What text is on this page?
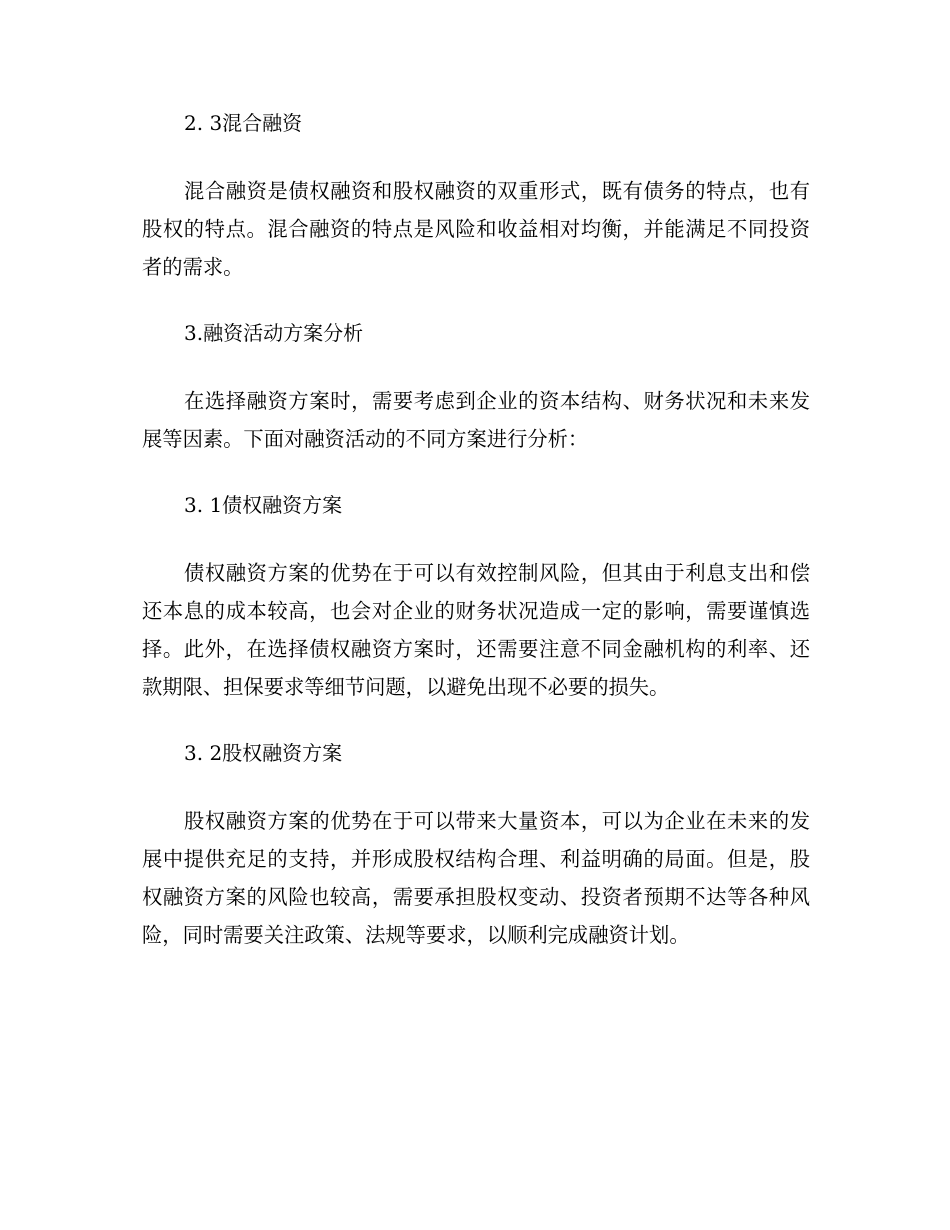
2. 3混合融资

混合融资是债权融资和股权融资的双重形式，既有债务的特点，也有股权的特点。混合融资的特点是风险和收益相对均衡，并能满足不同投资者的需求。

3.融资活动方案分析

在选择融资方案时，需要考虑到企业的资本结构、财务状况和未来发展等因素。下面对融资活动的不同方案进行分析：

3. 1债权融资方案

债权融资方案的优势在于可以有效控制风险，但其由于利息支出和偿还本息的成本较高，也会对企业的财务状况造成一定的影响，需要谨慎选择。此外，在选择债权融资方案时，还需要注意不同金融机构的利率、还款期限、担保要求等细节问题，以避免出现不必要的损失。

3. 2股权融资方案

股权融资方案的优势在于可以带来大量资本，可以为企业在未来的发展中提供充足的支持，并形成股权结构合理、利益明确的局面。但是，股权融资方案的风险也较高，需要承担股权变动、投资者预期不达等各种风险，同时需要关注政策、法规等要求，以顺利完成融资计划。
